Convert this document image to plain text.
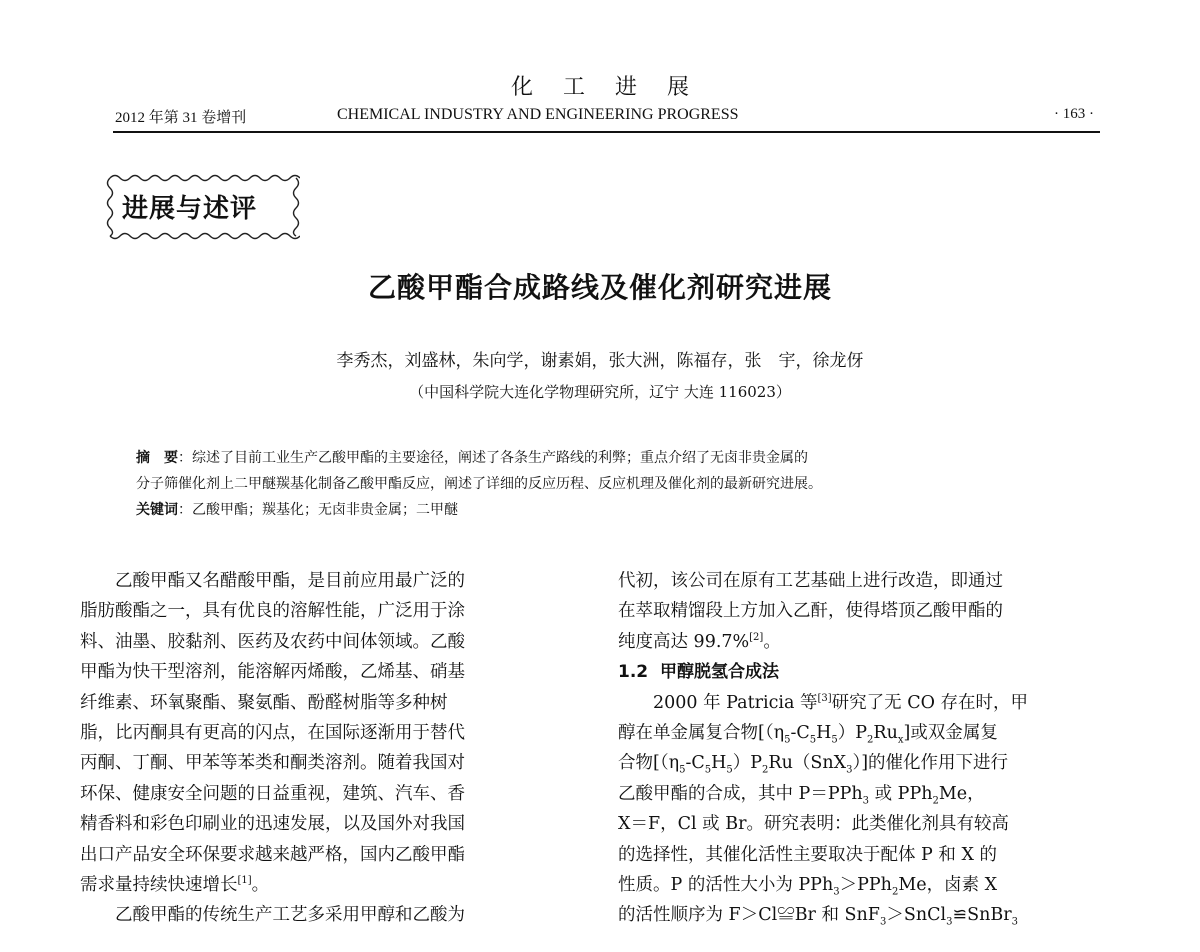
化工进展
2012 年第 31 卷增刊	CHEMICAL INDUSTRY AND ENGINEERING PROGRESS	· 163 ·
进展与述评
乙酸甲酯合成路线及催化剂研究进展
李秀杰，刘盛林，朱向学，谢素娟，张大洲，陈福存，张　宇，徐龙伢
（中国科学院大连化学物理研究所，辽宁 大连 116023）
摘　要：综述了目前工业生产乙酸甲酯的主要途径，阐述了各条生产路线的利弊；重点介绍了无卤非贵金属的
分子筛催化剂上二甲醚羰基化制备乙酸甲酯反应，阐述了详细的反应历程、反应机理及催化剂的最新研究进展。
关键词：乙酸甲酯；羰基化；无卤非贵金属；二甲醚
乙酸甲酯又名醋酸甲酯，是目前应用最广泛的
脂肪酸酯之一，具有优良的溶解性能，广泛用于涂
料、油墨、胶黏剂、医药及农药中间体领域。乙酸
甲酯为快干型溶剂，能溶解丙烯酸，乙烯基、硝基
纤维素、环氧聚酯、聚氨酯、酚醛树脂等多种树
脂，比丙酮具有更高的闪点，在国际逐渐用于替代
丙酮、丁酮、甲苯等苯类和酮类溶剂。随着我国对
环保、健康安全问题的日益重视，建筑、汽车、香
精香料和彩色印刷业的迅速发展，以及国外对我国
出口产品安全环保要求越来越严格，国内乙酸甲酯
需求量持续快速增长[1]。
乙酸甲酯的传统生产工艺多采用甲醇和乙酸为
代初，该公司在原有工艺基础上进行改造，即通过
在萃取精馏段上方加入乙酐，使得塔顶乙酸甲酯的
纯度高达 99.7%[2]。
1.2 甲醇脱氢合成法
2000 年 Patricia 等[3]研究了无 CO 存在时，甲
醇在单金属复合物$[(\eta_5-C_5H_5)P_2Ru_x]$或双金属复
合物$[(\eta_5-C_5H_5)P_2Ru(SnX_3)]$的催化作用下进行
乙酸甲酯的合成，其中 P＝PPh$_3$ 或 PPh$_2$Me，
X＝F，Cl 或 Br。研究表明：此类催化剂具有较高
的选择性，其催化活性主要取决于配体 P 和 X 的
性质。P 的活性大小为 PPh$_3$＞PPh$_2$Me，卤素 X
的活性顺序为 F＞Cl≌Br 和 SnF$_3$＞SnCl$_3$≌SnBr$_3$
